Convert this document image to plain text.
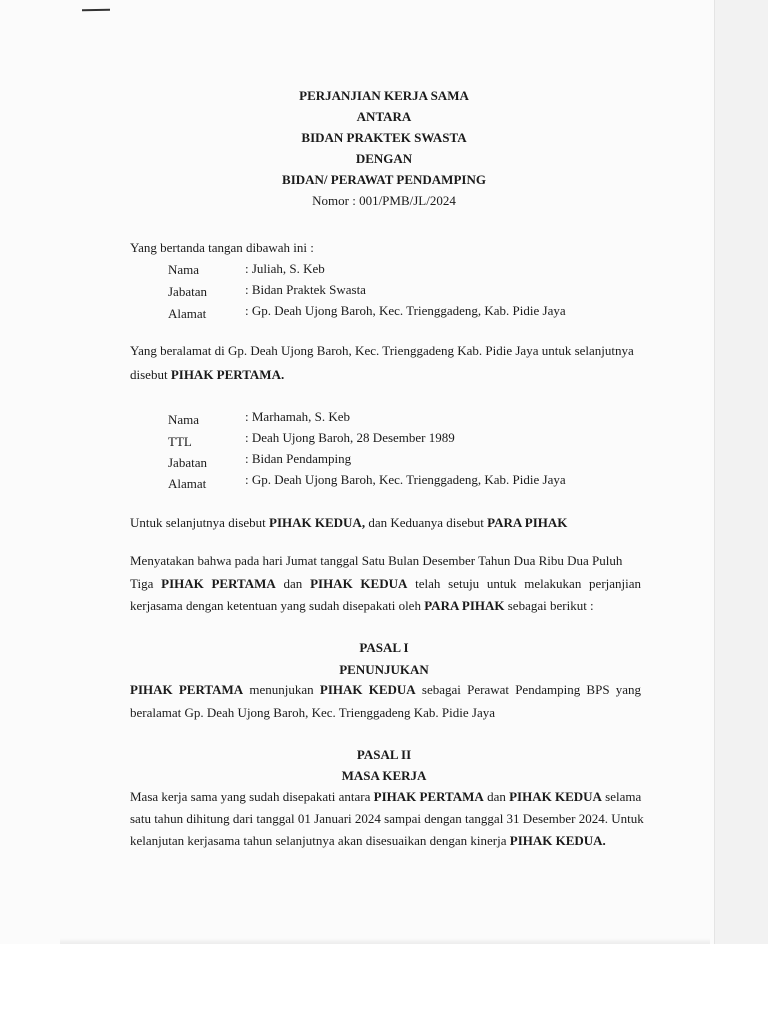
PERJANJIAN KERJA SAMA
ANTARA
BIDAN PRAKTEK SWASTA
DENGAN
BIDAN/ PERAWAT PENDAMPING
Nomor : 001/PMB/JL/2024
Yang bertanda tangan dibawah ini :
Nama	: Juliah, S. Keb
Jabatan	: Bidan Praktek Swasta
Alamat	: Gp. Deah Ujong Baroh, Kec. Trienggadeng, Kab. Pidie Jaya
Yang beralamat di Gp. Deah Ujong Baroh, Kec. Trienggadeng Kab. Pidie Jaya untuk selanjutnya
disebut PIHAK PERTAMA.
Nama	: Marhamah, S. Keb
TTL	: Deah Ujong Baroh, 28 Desember 1989
Jabatan	: Bidan Pendamping
Alamat	: Gp. Deah Ujong Baroh, Kec. Trienggadeng, Kab. Pidie Jaya
Untuk selanjutnya disebut PIHAK KEDUA, dan Keduanya disebut PARA PIHAK
Menyatakan bahwa pada hari Jumat tanggal Satu Bulan Desember Tahun Dua Ribu Dua Puluh
Tiga PIHAK PERTAMA dan PIHAK KEDUA telah setuju untuk melakukan perjanjian
kerjasama dengan ketentuan yang sudah disepakati oleh PARA PIHAK sebagai berikut :
PASAL I
PENUNJUKAN
PIHAK PERTAMA menunjukan PIHAK KEDUA sebagai Perawat Pendamping BPS yang
beralamat Gp. Deah Ujong Baroh, Kec. Trienggadeng Kab. Pidie Jaya
PASAL II
MASA KERJA
Masa kerja sama yang sudah disepakati antara PIHAK PERTAMA dan PIHAK KEDUA selama
satu tahun dihitung dari tanggal 01 Januari 2024 sampai dengan tanggal 31 Desember 2024. Untuk
kelanjutan kerjasama tahun selanjutnya akan disesuaikan dengan kinerja PIHAK KEDUA.
